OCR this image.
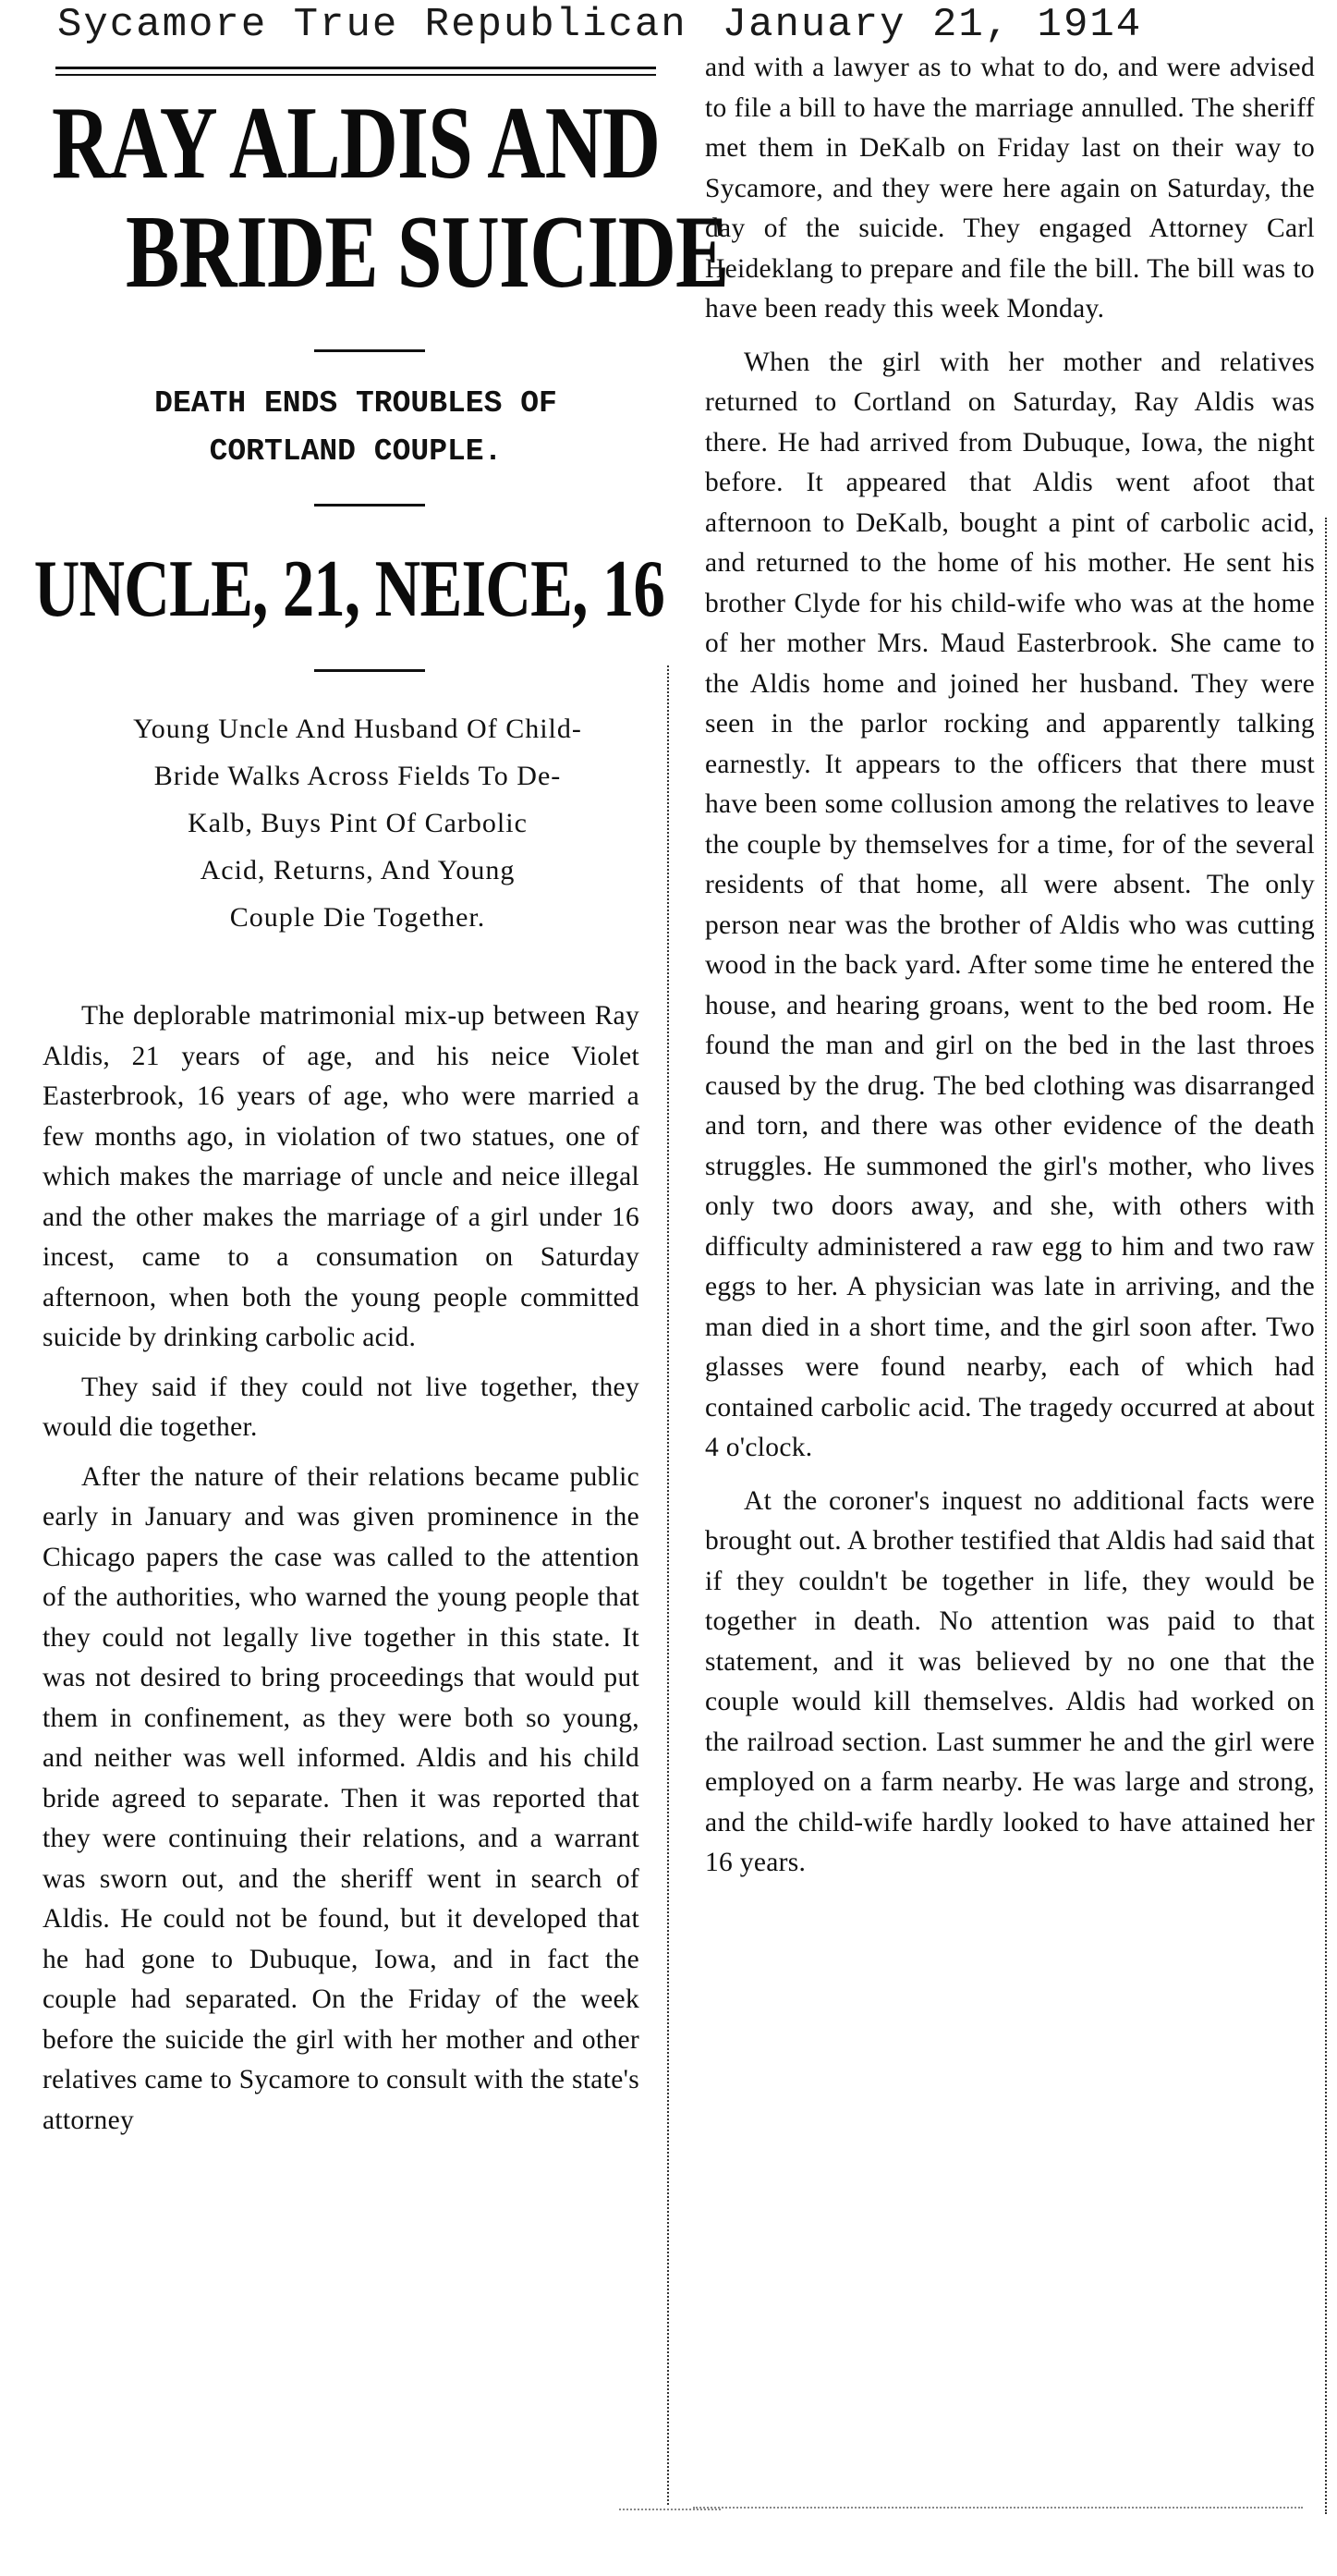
Sycamore True Republican January 21, 1914
RAY ALDIS AND
BRIDE SUICIDE
DEATH ENDS TROUBLES OF
CORTLAND COUPLE.
UNCLE, 21, NEICE, 16
Young Uncle And Husband Of Child-
Bride Walks Across Fields To De-
Kalb, Buys Pint Of Carbolic
Acid, Returns, And Young
Couple Die Together.

The deplorable matrimonial mix-up between Ray Aldis, 21 years of age, and his neice Violet Easterbrook, 16 years of age, who were married a few months ago, in violation of two statues, one of which makes the marriage of uncle and neice illegal and the other makes the marriage of a girl under 16 incest, came to a consumation on Saturday afternoon, when both the young people committed suicide by drinking carbolic acid.

They said if they could not live together, they would die together.

After the nature of their relations became public early in January and was given prominence in the Chicago papers the case was called to the attention of the authorities, who warned the young people that they could not legally live together in this state. It was not desired to bring proceedings that would put them in confinement, as they were both so young, and neither was well informed. Aldis and his child bride agreed to separate. Then it was reported that they were continuing their relations, and a warrant was sworn out, and the sheriff went in search of Aldis. He could not be found, but it developed that he had gone to Dubuque, Iowa, and in fact the couple had separated. On the Friday of the week before the suicide the girl with her mother and other relatives came to Sycamore to consult with the state's attorney

and with a lawyer as to what to do, and were advised to file a bill to have the marriage annulled. The sheriff met them in DeKalb on Friday last on their way to Sycamore, and they were here again on Saturday, the day of the suicide. They engaged Attorney Carl Heideklang to prepare and file the bill. The bill was to have been ready this week Monday.

When the girl with her mother and relatives returned to Cortland on Saturday, Ray Aldis was there. He had arrived from Dubuque, Iowa, the night before. It appeared that Aldis went afoot that afternoon to DeKalb, bought a pint of carbolic acid, and returned to the home of his mother. He sent his brother Clyde for his child-wife who was at the home of her mother Mrs. Maud Easterbrook. She came to the Aldis home and joined her husband. They were seen in the parlor rocking and apparently talking earnestly. It appears to the officers that there must have been some collusion among the relatives to leave the couple by themselves for a time, for of the several residents of that home, all were absent. The only person near was the brother of Aldis who was cutting wood in the back yard. After some time he entered the house, and hearing groans, went to the bed room. He found the man and girl on the bed in the last throes caused by the drug. The bed clothing was disarranged and torn, and there was other evidence of the death struggles. He summoned the girl's mother, who lives only two doors away, and she, with others with difficulty administered a raw egg to him and two raw eggs to her. A physician was late in arriving, and the man died in a short time, and the girl soon after. Two glasses were found nearby, each of which had contained carbolic acid. The tragedy occurred at about 4 o'clock.

At the coroner's inquest no additional facts were brought out. A brother testified that Aldis had said that if they couldn't be together in life, they would be together in death. No attention was paid to that statement, and it was believed by no one that the couple would kill themselves. Aldis had worked on the railroad section. Last summer he and the girl were employed on a farm nearby. He was large and strong, and the child-wife hardly looked to have attained her 16 years.
